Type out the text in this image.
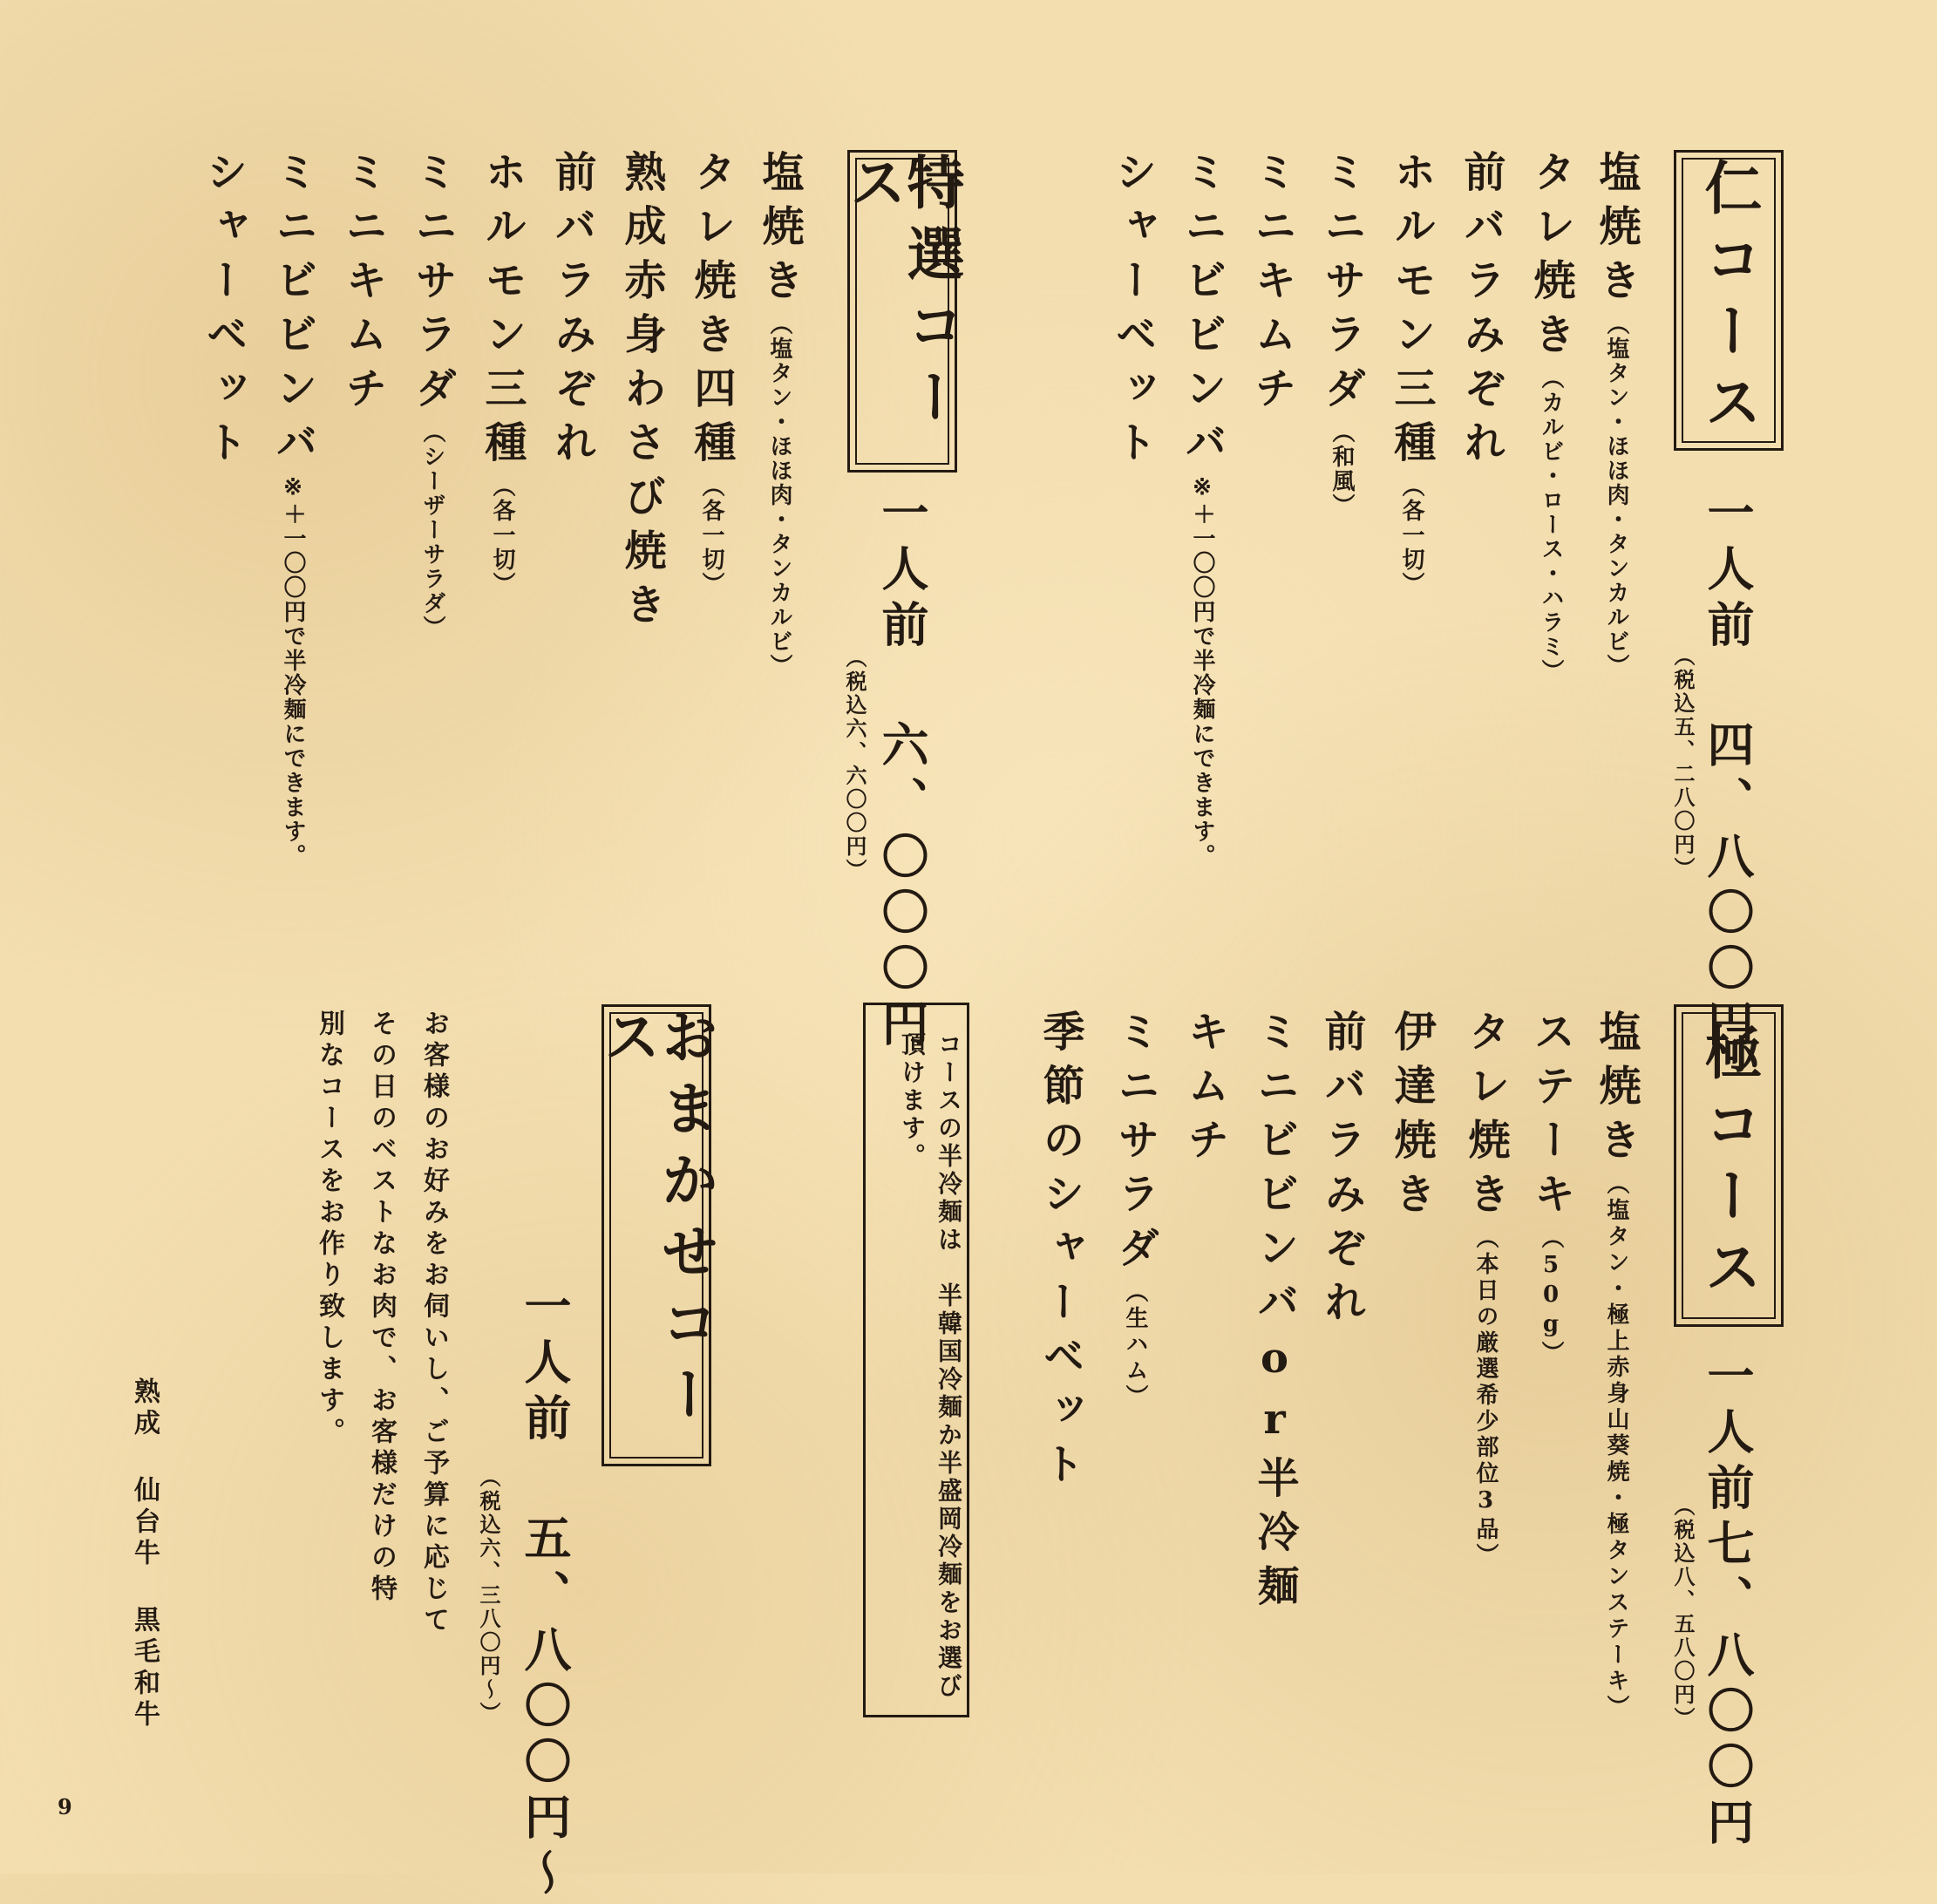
仁コース
一人前 四、八〇〇円
（税込五、二八〇円）
塩焼き（塩タン・ほほ肉・タンカルビ）
タレ焼き（カルビ・ロース・ハラミ）
前バラみぞれ
ホルモン三種（各一切）
ミニサラダ（和風）
ミニキムチ
ミニビビンバ※＋一〇〇円で半冷麺にできます。
シャーベット
特選コース
一人前 六、〇〇〇円
（税込六、六〇〇円）
塩焼き（塩タン・ほほ肉・タンカルビ）
タレ焼き四種（各一切）
熟成赤身わさび焼き
前バラみぞれ
ホルモン三種（各一切）
ミニサラダ（シーザーサラダ）
ミニキムチ
ミニビビンバ※＋一〇〇円で半冷麺にできます。
シャーベット
極コース
一人前七、八〇〇円
（税込八、五八〇円）
塩焼き（塩タン・極上赤身山葵焼・極タンステーキ）
ステーキ（50g）
タレ焼き（本日の厳選希少部位3品）
伊達焼き
前バラみぞれ
ミニビビンバor半冷麺
キムチ
ミニサラダ（生ハム）
季節のシャーベット
コースの半冷麺は　半韓国冷麺か半盛岡冷麺をお選び頂けます。
おまかせコース
一人前 五、八〇〇円～
（税込六、三八〇円～）
お客様のお好みをお伺いし、ご予算に応じて
その日のベストなお肉で、お客様だけの特
別なコースをお作り致します。
熟成 仙台牛 黒毛和牛
9
